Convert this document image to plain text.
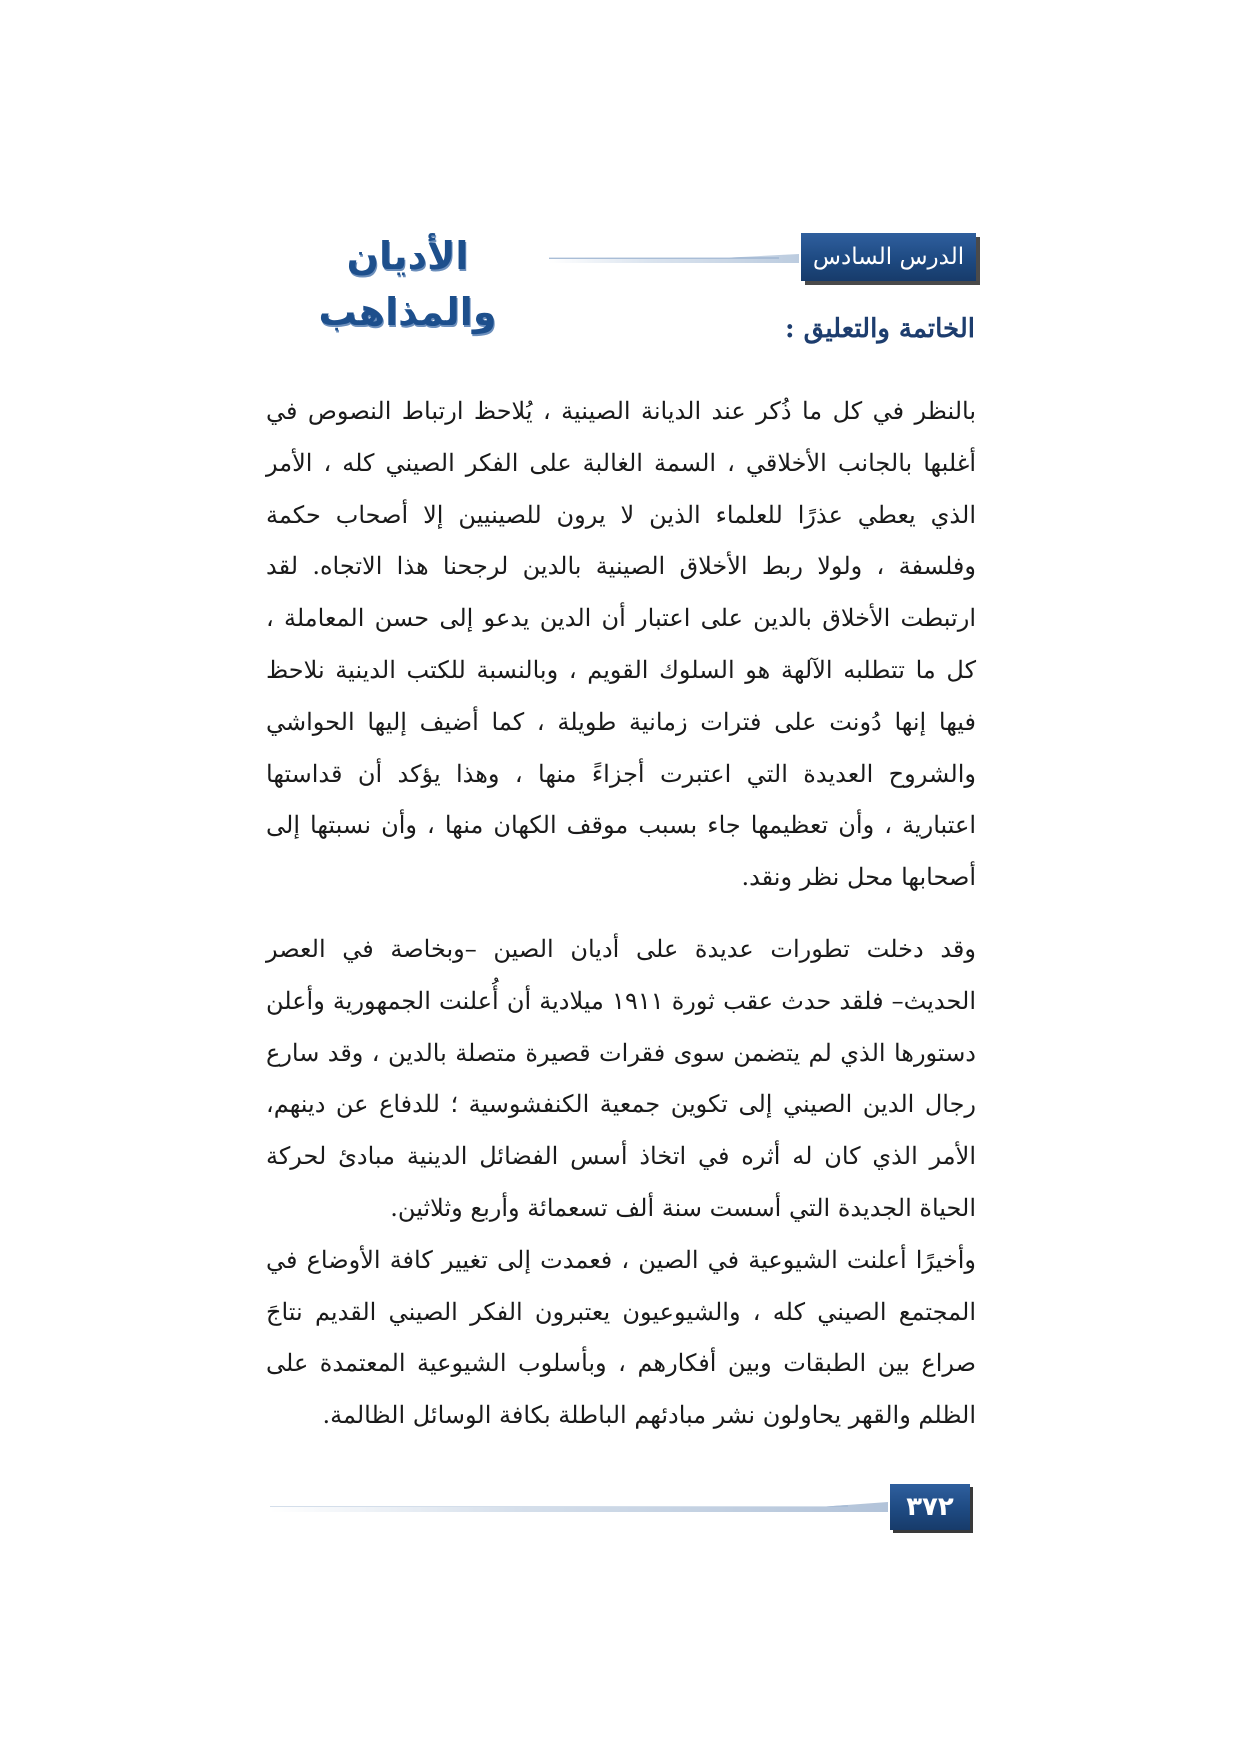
الأديان والمذاهب
الدرس السادس عشر
الخاتمة والتعليق :

بالنظر في كل ما ذُكر عند الديانة الصينية ، يُلاحظ ارتباط النصوص في أغلبها بالجانب الأخلاقي ، السمة الغالبة على الفكر الصيني كله ، الأمر الذي يعطي عذرًا للعلماء الذين لا يرون للصينيين إلا أصحاب حكمة وفلسفة ، ولولا ربط الأخلاق الصينية بالدين لرجحنا هذا الاتجاه. لقد ارتبطت الأخلاق بالدين على اعتبار أن الدين يدعو إلى حسن المعاملة ، كل ما تتطلبه الآلهة هو السلوك القويم ، وبالنسبة للكتب الدينية نلاحظ فيها إنها دُونت على فترات زمانية طويلة ، كما أضيف إليها الحواشي والشروح العديدة التي اعتبرت أجزاءً منها ، وهذا يؤكد أن قداستها اعتبارية ، وأن تعظيمها جاء بسبب موقف الكهان منها ، وأن نسبتها إلى أصحابها محل نظر ونقد.

وقد دخلت تطورات عديدة على أديان الصين –وبخاصة في العصر الحديث– فلقد حدث عقب ثورة ١٩١١ ميلادية أن أُعلنت الجمهورية وأعلن دستورها الذي لم يتضمن سوى فقرات قصيرة متصلة بالدين ، وقد سارع رجال الدين الصيني إلى تكوين جمعية الكنفشوسية ؛ للدفاع عن دينهم، الأمر الذي كان له أثره في اتخاذ أسس الفضائل الدينية مبادئ لحركة الحياة الجديدة التي أسست سنة ألف تسعمائة وأربع وثلاثين.

وأخيرًا أعلنت الشيوعية في الصين ، فعمدت إلى تغيير كافة الأوضاع في المجتمع الصيني كله ، والشيوعيون يعتبرون الفكر الصيني القديم نتاجَ صراع بين الطبقات وبين أفكارهم ، وبأسلوب الشيوعية المعتمدة على الظلم والقهر يحاولون نشر مبادئهم الباطلة بكافة الوسائل الظالمة.

٣٧٢
